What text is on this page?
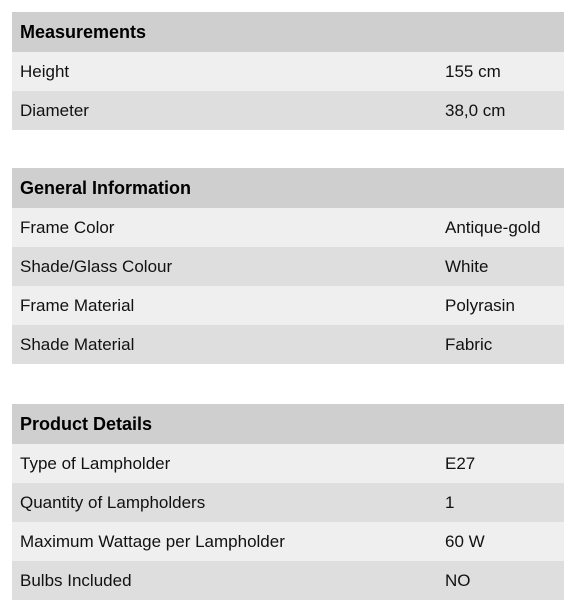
Measurements	
Height	155 cm
Diameter	38,0 cm
General Information	
Frame Color	Antique-gold
Shade/Glass Colour	White
Frame Material	Polyrasin
Shade Material	Fabric
Product Details	
Type of Lampholder	E27
Quantity of Lampholders	1
Maximum Wattage per Lampholder	60 W
Bulbs Included	NO
